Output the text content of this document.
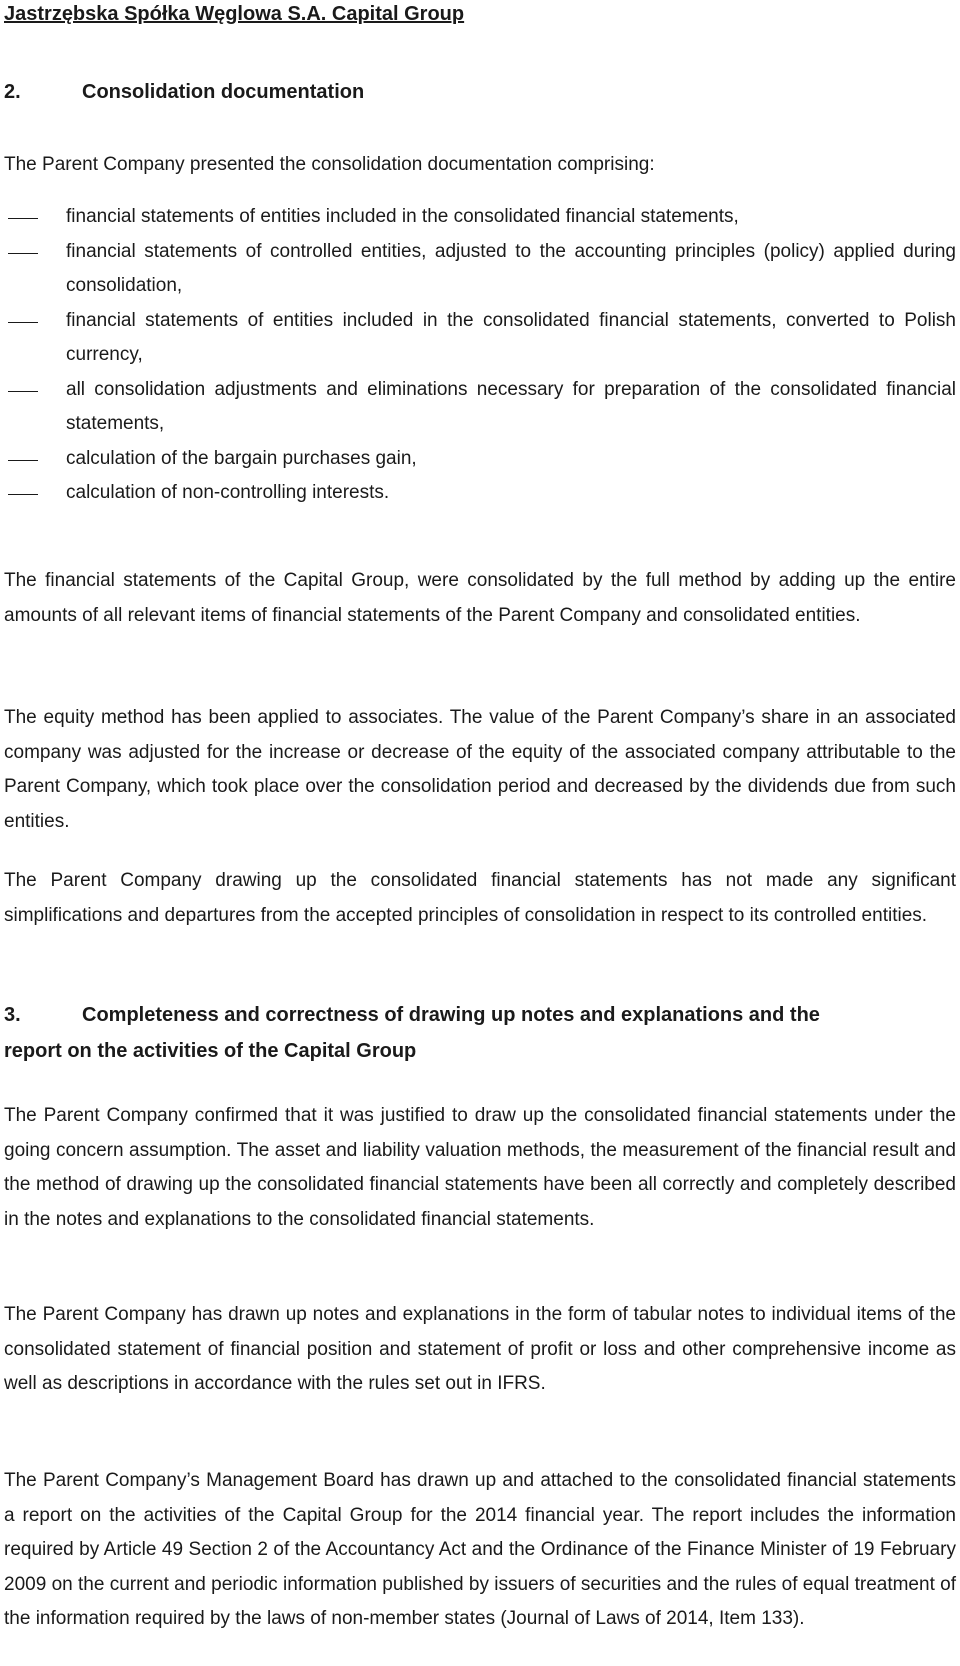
Jastrzębska Spółka Węglowa S.A. Capital Group
2.	Consolidation documentation

The Parent Company presented the consolidation documentation comprising:

financial statements of entities included in the consolidated financial statements,
financial statements of controlled entities, adjusted to the accounting principles (policy) applied during consolidation,
financial statements of entities included in the consolidated financial statements, converted to Polish currency,
all consolidation adjustments and eliminations necessary for preparation of the consolidated financial statements,
calculation of the bargain purchases gain,
calculation of non-controlling interests.

The financial statements of the Capital Group, were consolidated by the full method by adding up the entire amounts of all relevant items of financial statements of the Parent Company and consolidated entities.

The equity method has been applied to associates. The value of the Parent Company’s share in an associated company was adjusted for the increase or decrease of the equity of the associated company attributable to the Parent Company, which took place over the consolidation period and decreased by the dividends due from such entities.

The Parent Company drawing up the consolidated financial statements has not made any significant simplifications and departures from the accepted principles of consolidation in respect to its controlled entities.

3.	Completeness and correctness of drawing up notes and explanations and the
report on the activities of the Capital Group

The Parent Company confirmed that it was justified to draw up the consolidated financial statements under the going concern assumption. The asset and liability valuation methods, the measurement of the financial result and the method of drawing up the consolidated financial statements have been all correctly and completely described in the notes and explanations to the consolidated financial statements.

The Parent Company has drawn up notes and explanations in the form of tabular notes to individual items of the consolidated statement of financial position and statement of profit or loss and other comprehensive income as well as descriptions in accordance with the rules set out in IFRS.

The Parent Company’s Management Board has drawn up and attached to the consolidated financial statements a report on the activities of the Capital Group for the 2014 financial year. The report includes the information required by Article 49 Section 2 of the Accountancy Act and the Ordinance of the Finance Minister of 19 February 2009 on the current and periodic information published by issuers of securities and the rules of equal treatment of the information required by the laws of non-member states (Journal of Laws of 2014, Item 133).
